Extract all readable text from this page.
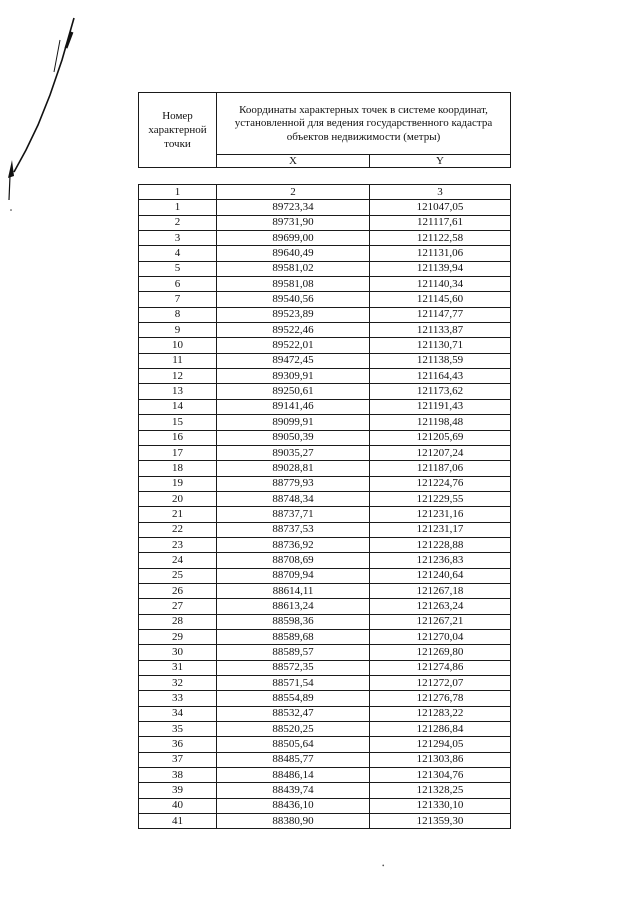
Номер характерной точки	Координаты характерных точек в системе координат, установленной для ведения государственного кадастра объектов недвижимости (метры)	
	X	Y
1	2	3
1	89723,34	121047,05
2	89731,90	121117,61
3	89699,00	121122,58
4	89640,49	121131,06
5	89581,02	121139,94
6	89581,08	121140,34
7	89540,56	121145,60
8	89523,89	121147,77
9	89522,46	121133,87
10	89522,01	121130,71
11	89472,45	121138,59
12	89309,91	121164,43
13	89250,61	121173,62
14	89141,46	121191,43
15	89099,91	121198,48
16	89050,39	121205,69
17	89035,27	121207,24
18	89028,81	121187,06
19	88779,93	121224,76
20	88748,34	121229,55
21	88737,71	121231,16
22	88737,53	121231,17
23	88736,92	121228,88
24	88708,69	121236,83
25	88709,94	121240,64
26	88614,11	121267,18
27	88613,24	121263,24
28	88598,36	121267,21
29	88589,68	121270,04
30	88589,57	121269,80
31	88572,35	121274,86
32	88571,54	121272,07
33	88554,89	121276,78
34	88532,47	121283,22
35	88520,25	121286,84
36	88505,64	121294,05
37	88485,77	121303,86
38	88486,14	121304,76
39	88439,74	121328,25
40	88436,10	121330,10
41	88380,90	121359,30
•
